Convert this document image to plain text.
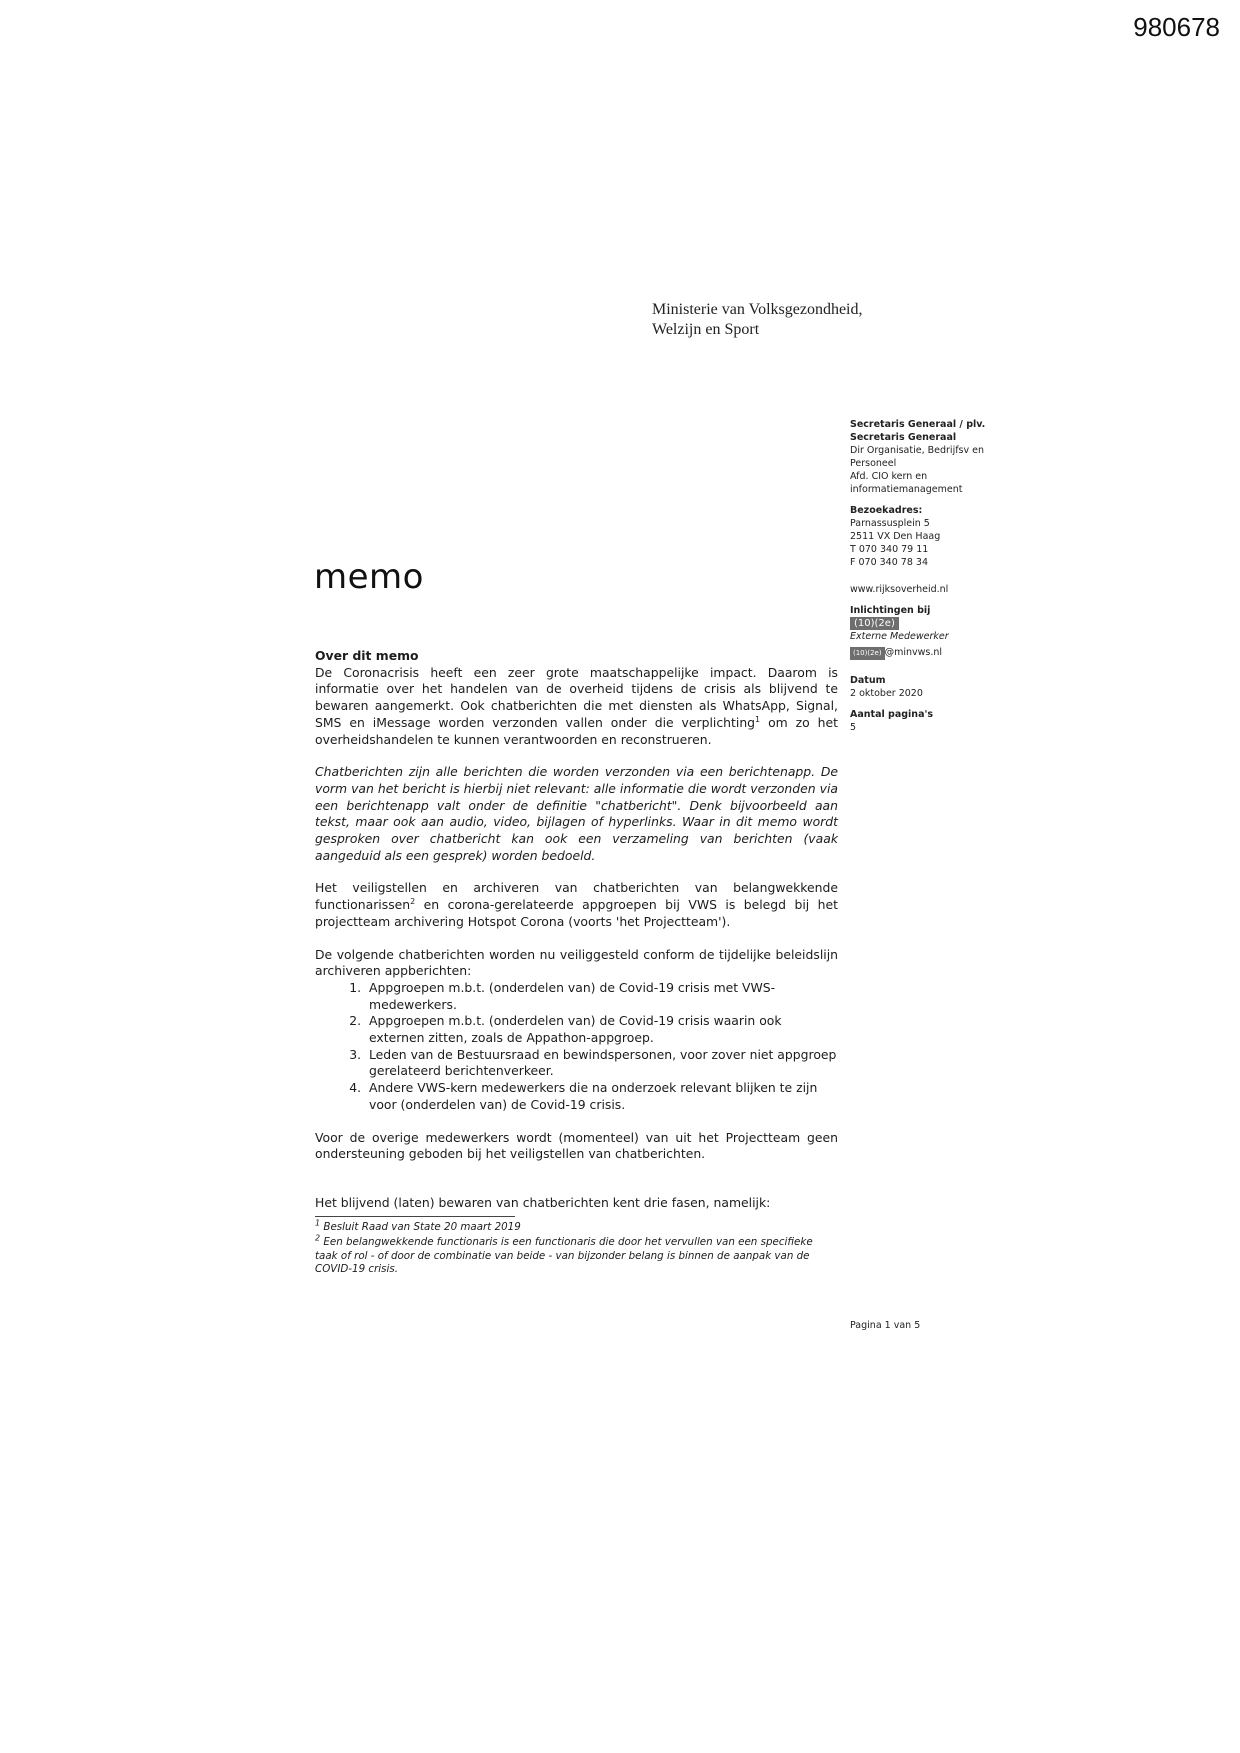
980678
Ministerie van Volksgezondheid,
Welzijn en Sport
memo
Secretaris Generaal / plv.
Secretaris Generaal
Dir Organisatie, Bedrijfsv en
Personeel
Afd. CIO kern en
informatiemanagement
Bezoekadres:
Parnassusplein 5
2511 VX Den Haag
T 070 340 79 11
F 070 340 78 34
www.rijksoverheid.nl
Inlichtingen bij
(10)(2e)
Externe Medewerker
(10)(2e) @minvws.nl
Datum
2 oktober 2020
Aantal pagina's
5
Over dit memo

De Coronacrisis heeft een zeer grote maatschappelijke impact. Daarom is informatie over het handelen van de overheid tijdens de crisis als blijvend te bewaren aangemerkt. Ook chatberichten die met diensten als WhatsApp, Signal, SMS en iMessage worden verzonden vallen onder die verplichting$^1$ om zo het overheidshandelen te kunnen verantwoorden en reconstrueren.

Chatberichten zijn alle berichten die worden verzonden via een berichtenapp. De vorm van het bericht is hierbij niet relevant: alle informatie die wordt verzonden via een berichtenapp valt onder de definitie "chatbericht". Denk bijvoorbeeld aan tekst, maar ook aan audio, video, bijlagen of hyperlinks. Waar in dit memo wordt gesproken over chatbericht kan ook een verzameling van berichten (vaak aangeduid als een gesprek) worden bedoeld.

Het veiligstellen en archiveren van chatberichten van belangwekkende functionarissen$^2$ en corona-gerelateerde appgroepen bij VWS is belegd bij het projectteam archivering Hotspot Corona (voorts 'het Projectteam').

De volgende chatberichten worden nu veiliggesteld conform de tijdelijke beleidslijn archiveren appberichten:

1. Appgroepen m.b.t. (onderdelen van) de Covid-19 crisis met VWS-medewerkers.
2. Appgroepen m.b.t. (onderdelen van) de Covid-19 crisis waarin ook externen zitten, zoals de Appathon-appgroep.
3. Leden van de Bestuursraad en bewindspersonen, voor zover niet appgroep gerelateerd berichtenverkeer.
4. Andere VWS-kern medewerkers die na onderzoek relevant blijken te zijn voor (onderdelen van) de Covid-19 crisis.

Voor de overige medewerkers wordt (momenteel) van uit het Projectteam geen ondersteuning geboden bij het veiligstellen van chatberichten.

Het blijvend (laten) bewaren van chatberichten kent drie fasen, namelijk:

$^1$ Besluit Raad van State 20 maart 2019

$^2$ Een belangwekkende functionaris is een functionaris die door het vervullen van een specifieke taak of rol - of door de combinatie van beide - van bijzonder belang is binnen de aanpak van de COVID-19 crisis.

Pagina 1 van 5
